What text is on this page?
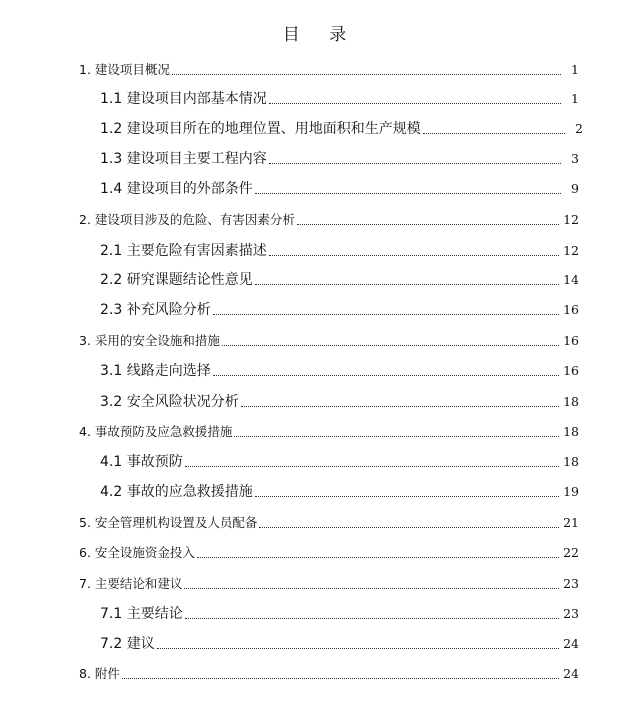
目 录
1. 建设项目概况	1
1.1 建设项目内部基本情况	1
1.2 建设项目所在的地理位置、用地面积和生产规模	2
1.3 建设项目主要工程内容	3
1.4 建设项目的外部条件	9
2. 建设项目涉及的危险、有害因素分析	12
2.1 主要危险有害因素描述	12
2.2 研究课题结论性意见	14
2.3 补充风险分析	16
3. 采用的安全设施和措施	16
3.1 线路走向选择	16
3.2 安全风险状况分析	18
4. 事故预防及应急救援措施	18
4.1 事故预防	18
4.2 事故的应急救援措施	19
5. 安全管理机构设置及人员配备	21
6. 安全设施资金投入	22
7. 主要结论和建议	23
7.1 主要结论	23
7.2 建议	24
8. 附件	24
